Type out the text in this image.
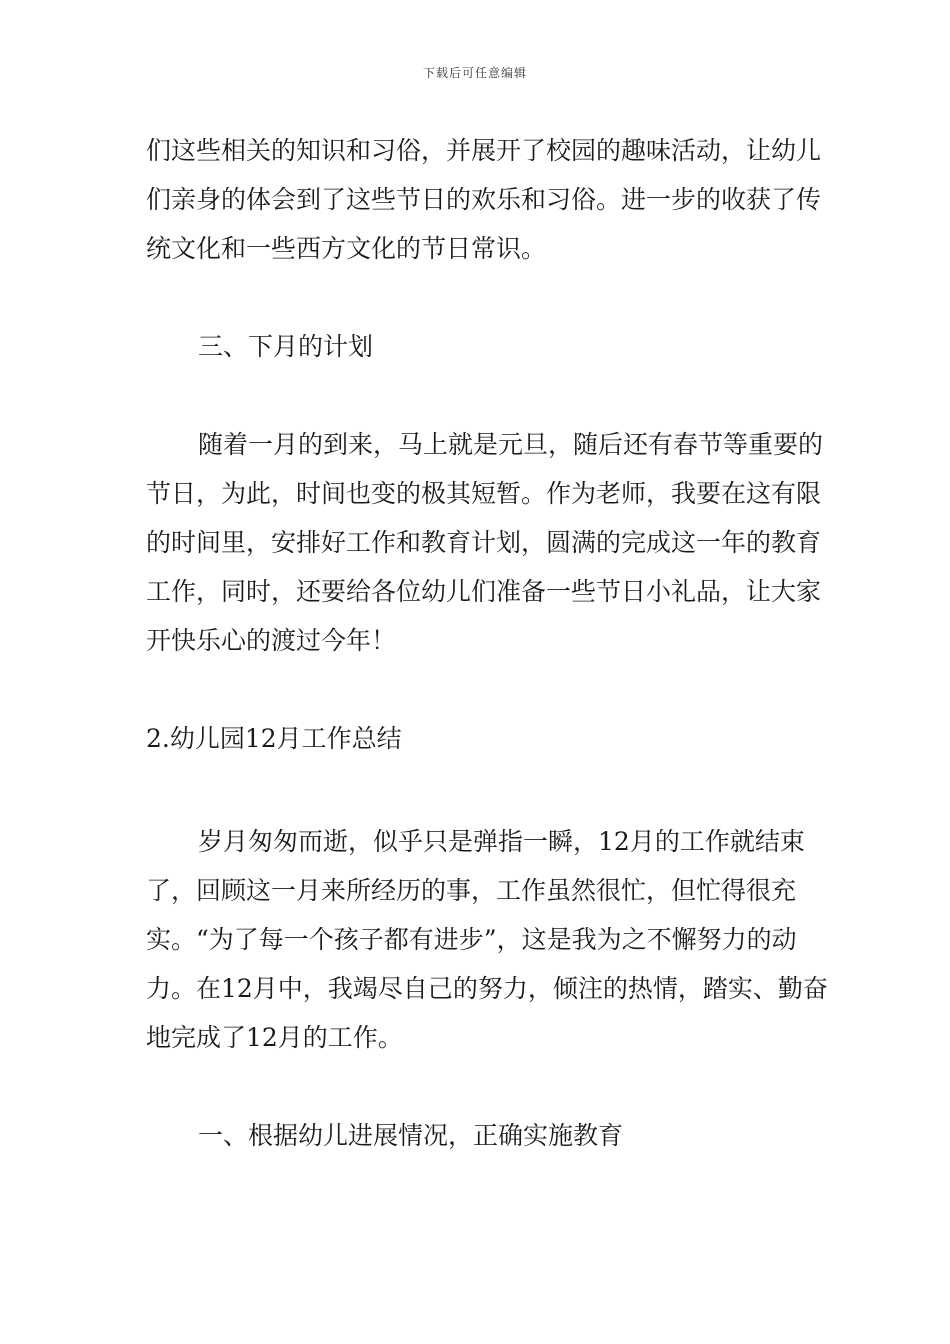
下载后可任意编辑

们这些相关的知识和习俗，并展开了校园的趣味活动，让幼儿们亲身的体会到了这些节日的欢乐和习俗。进一步的收获了传统文化和一些西方文化的节日常识。

三、下月的计划

随着一月的到来，马上就是元旦，随后还有春节等重要的节日，为此，时间也变的极其短暂。作为老师，我要在这有限的时间里，安排好工作和教育计划，圆满的完成这一年的教育工作，同时，还要给各位幼儿们准备一些节日小礼品，让大家开快乐心的渡过今年！

2.幼儿园12月工作总结

岁月匆匆而逝，似乎只是弹指一瞬，12月的工作就结束了，回顾这一月来所经历的事，工作虽然很忙，但忙得很充实。“为了每一个孩子都有进步”，这是我为之不懈努力的动力。在12月中，我竭尽自己的努力，倾注的热情，踏实、勤奋地完成了12月的工作。

一、根据幼儿进展情况，正确实施教育
